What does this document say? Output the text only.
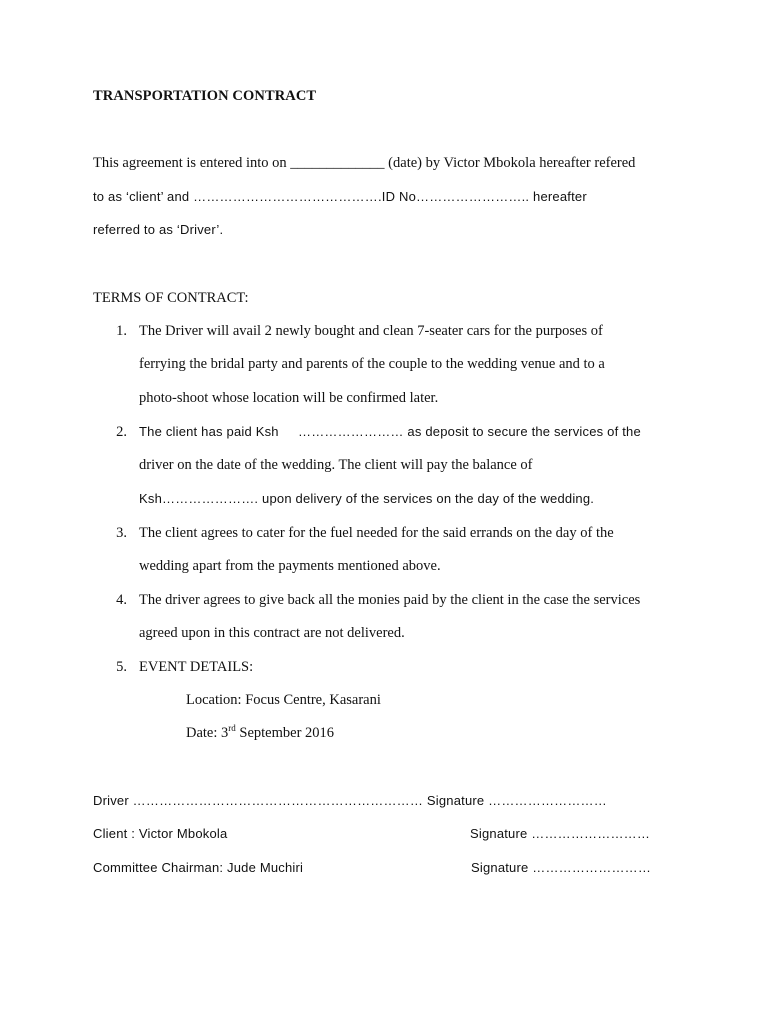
TRANSPORTATION CONTRACT
This agreement is entered into on _____________ (date) by Victor Mbokola hereafter refered
to as ‘client’ and …………………………………….ID No…………………….. hereafter
referred to as ‘Driver’.
TERMS OF CONTRACT:
1. The Driver will avail 2 newly bought and clean 7-seater cars for the purposes of
ferrying the bridal party and parents of the couple to the wedding venue and to a
photo-shoot whose location will be confirmed later.
2. The client has paid Ksh …………………… as deposit to secure the services of the
driver on the date of the wedding. The client will pay the balance of
Ksh…………………. upon delivery of the services on the day of the wedding.
3. The client agrees to cater for the fuel needed for the said errands on the day of the
wedding apart from the payments mentioned above.
4. The driver agrees to give back all the monies paid by the client in the case the services
agreed upon in this contract are not delivered.
5. EVENT DETAILS:
Location: Focus Centre, Kasarani
Date: 3rd September 2016
Driver ………………………………………………………… Signature ………………………
Client : Victor Mbokola	Signature ………………………
Committee Chairman: Jude Muchiri	Signature ………………………
